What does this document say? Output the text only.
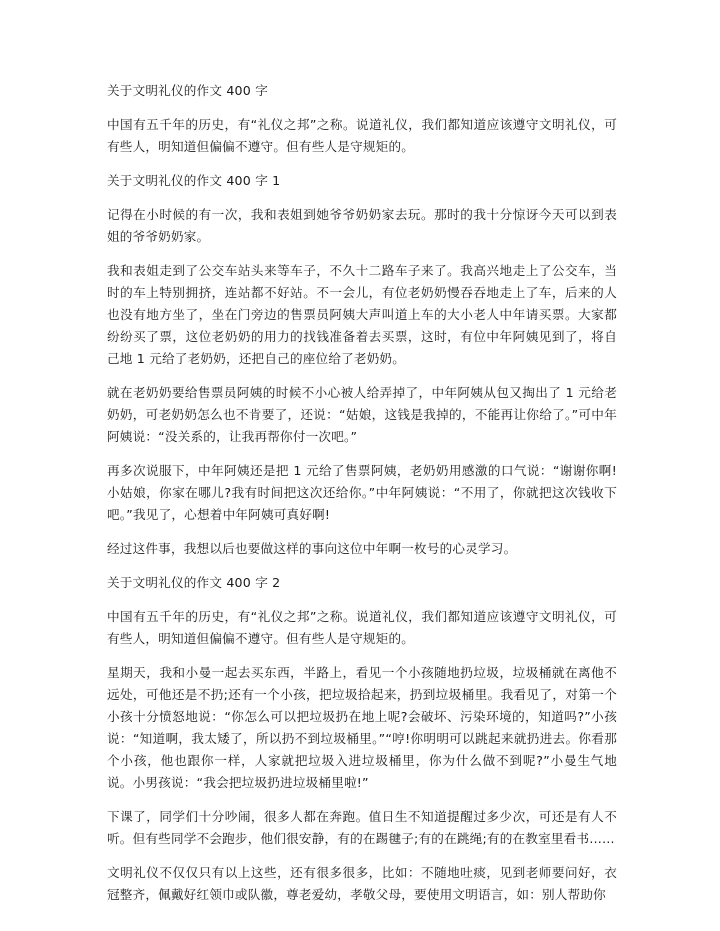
关于文明礼仪的作文 400 字

中国有五千年的历史，有“礼仪之邦”之称。说道礼仪，我们都知道应该遵守文明礼仪，可有些人，明知道但偏偏不遵守。但有些人是守规矩的。

关于文明礼仪的作文 400 字 1

记得在小时候的有一次，我和表姐到她爷爷奶奶家去玩。那时的我十分惊讶今天可以到表姐的爷爷奶奶家。

我和表姐走到了公交车站头来等车子，不久十二路车子来了。我高兴地走上了公交车，当时的车上特别拥挤，连站都不好站。不一会儿，有位老奶奶慢吞吞地走上了车，后来的人也没有地方坐了，坐在门旁边的售票员阿姨大声叫道上车的大小老人中年请买票。大家都纷纷买了票，这位老奶奶的用力的找钱准备着去买票，这时，有位中年阿姨见到了，将自己地 1 元给了老奶奶，还把自己的座位给了老奶奶。

就在老奶奶要给售票员阿姨的时候不小心被人给弄掉了，中年阿姨从包又掏出了 1 元给老奶奶，可老奶奶怎么也不肯要了，还说：“姑娘，这钱是我掉的，不能再让你给了。”可中年阿姨说：“没关系的，让我再帮你付一次吧。”

再多次说服下，中年阿姨还是把 1 元给了售票阿姨，老奶奶用感激的口气说：“谢谢你啊!小姑娘，你家在哪儿?我有时间把这次还给你。”中年阿姨说：“不用了，你就把这次钱收下吧。”我见了，心想着中年阿姨可真好啊!

经过这件事，我想以后也要做这样的事向这位中年啊一枚号的心灵学习。

关于文明礼仪的作文 400 字 2

中国有五千年的历史，有“礼仪之邦”之称。说道礼仪，我们都知道应该遵守文明礼仪，可有些人，明知道但偏偏不遵守。但有些人是守规矩的。

星期天，我和小曼一起去买东西，半路上，看见一个小孩随地扔垃圾，垃圾桶就在离他不远处，可他还是不扔;还有一个小孩，把垃圾拾起来，扔到垃圾桶里。我看见了，对第一个小孩十分愤怒地说：“你怎么可以把垃圾扔在地上呢?会破坏、污染环境的，知道吗?”小孩说：“知道啊，我太矮了，所以扔不到垃圾桶里。”“哼!你明明可以跳起来就扔进去。你看那个小孩，他也跟你一样，人家就把垃圾入进垃圾桶里，你为什么做不到呢?”小曼生气地说。小男孩说：“我会把垃圾扔进垃圾桶里啦!”

下课了，同学们十分吵闹，很多人都在奔跑。值日生不知道提醒过多少次，可还是有人不听。但有些同学不会跑步，他们很安静，有的在踢毽子;有的在跳绳;有的在教室里看书……

文明礼仪不仅仅只有以上这些，还有很多很多，比如：不随地吐痰，见到老师要问好，衣冠整齐，佩戴好红领巾或队徽，尊老爱幼，孝敬父母，要使用文明语言，如：别人帮助你
